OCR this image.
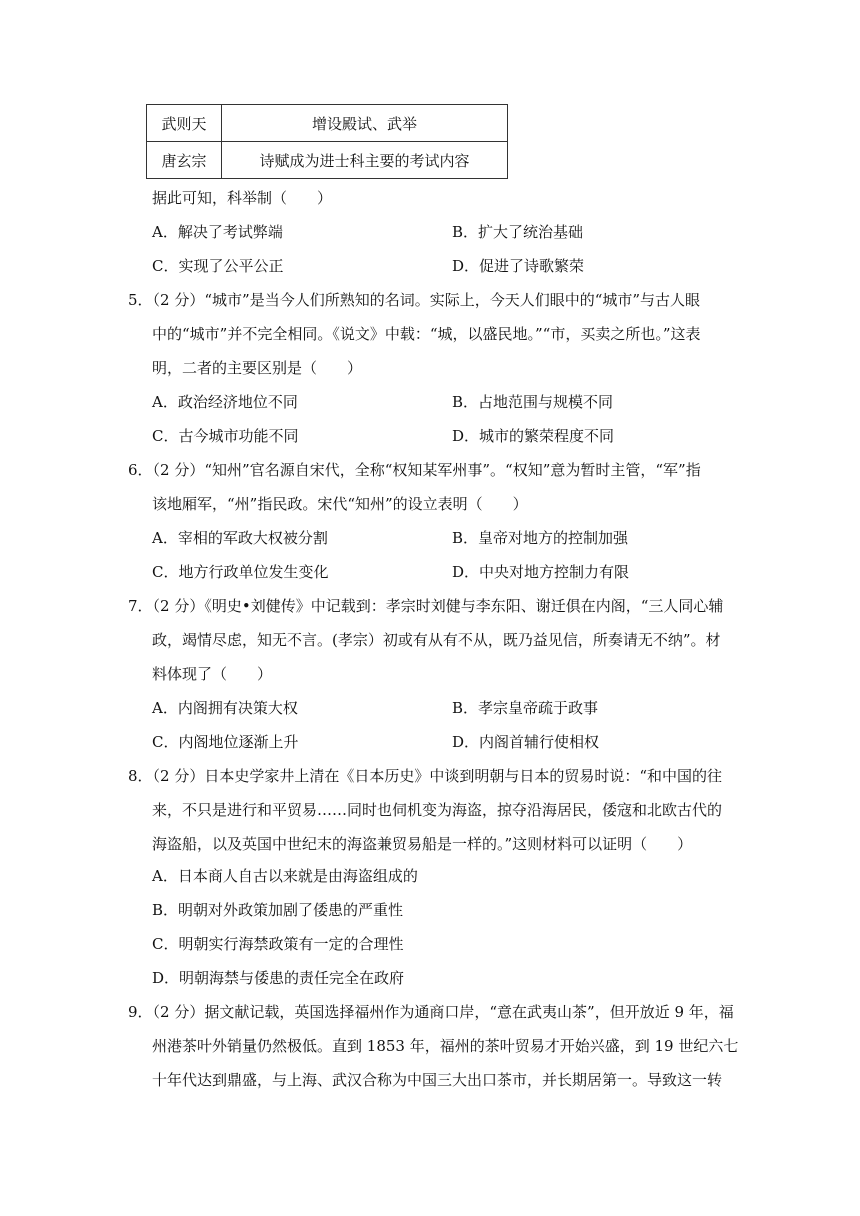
武则天	增设殿试、武举
唐玄宗	诗赋成为进士科主要的考试内容
据此可知，科举制（　　）
A．解决了考试弊端	B．扩大了统治基础
C．实现了公平公正	D．促进了诗歌繁荣
5．（2 分）“城市”是当今人们所熟知的名词。实际上，今天人们眼中的“城市”与古人眼
中的“城市”并不完全相同。《说文》中载：“城，以盛民地。”“市，买卖之所也。”这表
明，二者的主要区别是（　　）
A．政治经济地位不同	B．占地范围与规模不同
C．古今城市功能不同	D．城市的繁荣程度不同
6．（2 分）“知州”官名源自宋代，全称“权知某军州事”。“权知”意为暂时主管，“军”指
该地厢军，“州”指民政。宋代“知州”的设立表明（　　）
A．宰相的军政大权被分割	B．皇帝对地方的控制加强
C．地方行政单位发生变化	D．中央对地方控制力有限
7．（2 分）《明史•刘健传》中记载到：孝宗时刘健与李东阳、谢迁俱在内阁，“三人同心辅
政，竭情尽虑，知无不言。(孝宗）初或有从有不从，既乃益见信，所奏请无不纳”。材
料体现了（　　）
A．内阁拥有决策大权	B．孝宗皇帝疏于政事
C．内阁地位逐渐上升	D．内阁首辅行使相权
8．（2 分）日本史学家井上清在《日本历史》中谈到明朝与日本的贸易时说：“和中国的往
来，不只是进行和平贸易……同时也伺机变为海盗，掠夺沿海居民，倭寇和北欧古代的
海盗船，以及英国中世纪末的海盗兼贸易船是一样的。”这则材料可以证明（　　）
A．日本商人自古以来就是由海盗组成的
B．明朝对外政策加剧了倭患的严重性
C．明朝实行海禁政策有一定的合理性
D．明朝海禁与倭患的责任完全在政府
9．（2 分）据文献记载，英国选择福州作为通商口岸，“意在武夷山茶”，但开放近 9 年，福
州港茶叶外销量仍然极低。直到 1853 年，福州的茶叶贸易才开始兴盛，到 19 世纪六七
十年代达到鼎盛，与上海、武汉合称为中国三大出口茶市，并长期居第一。导致这一转
